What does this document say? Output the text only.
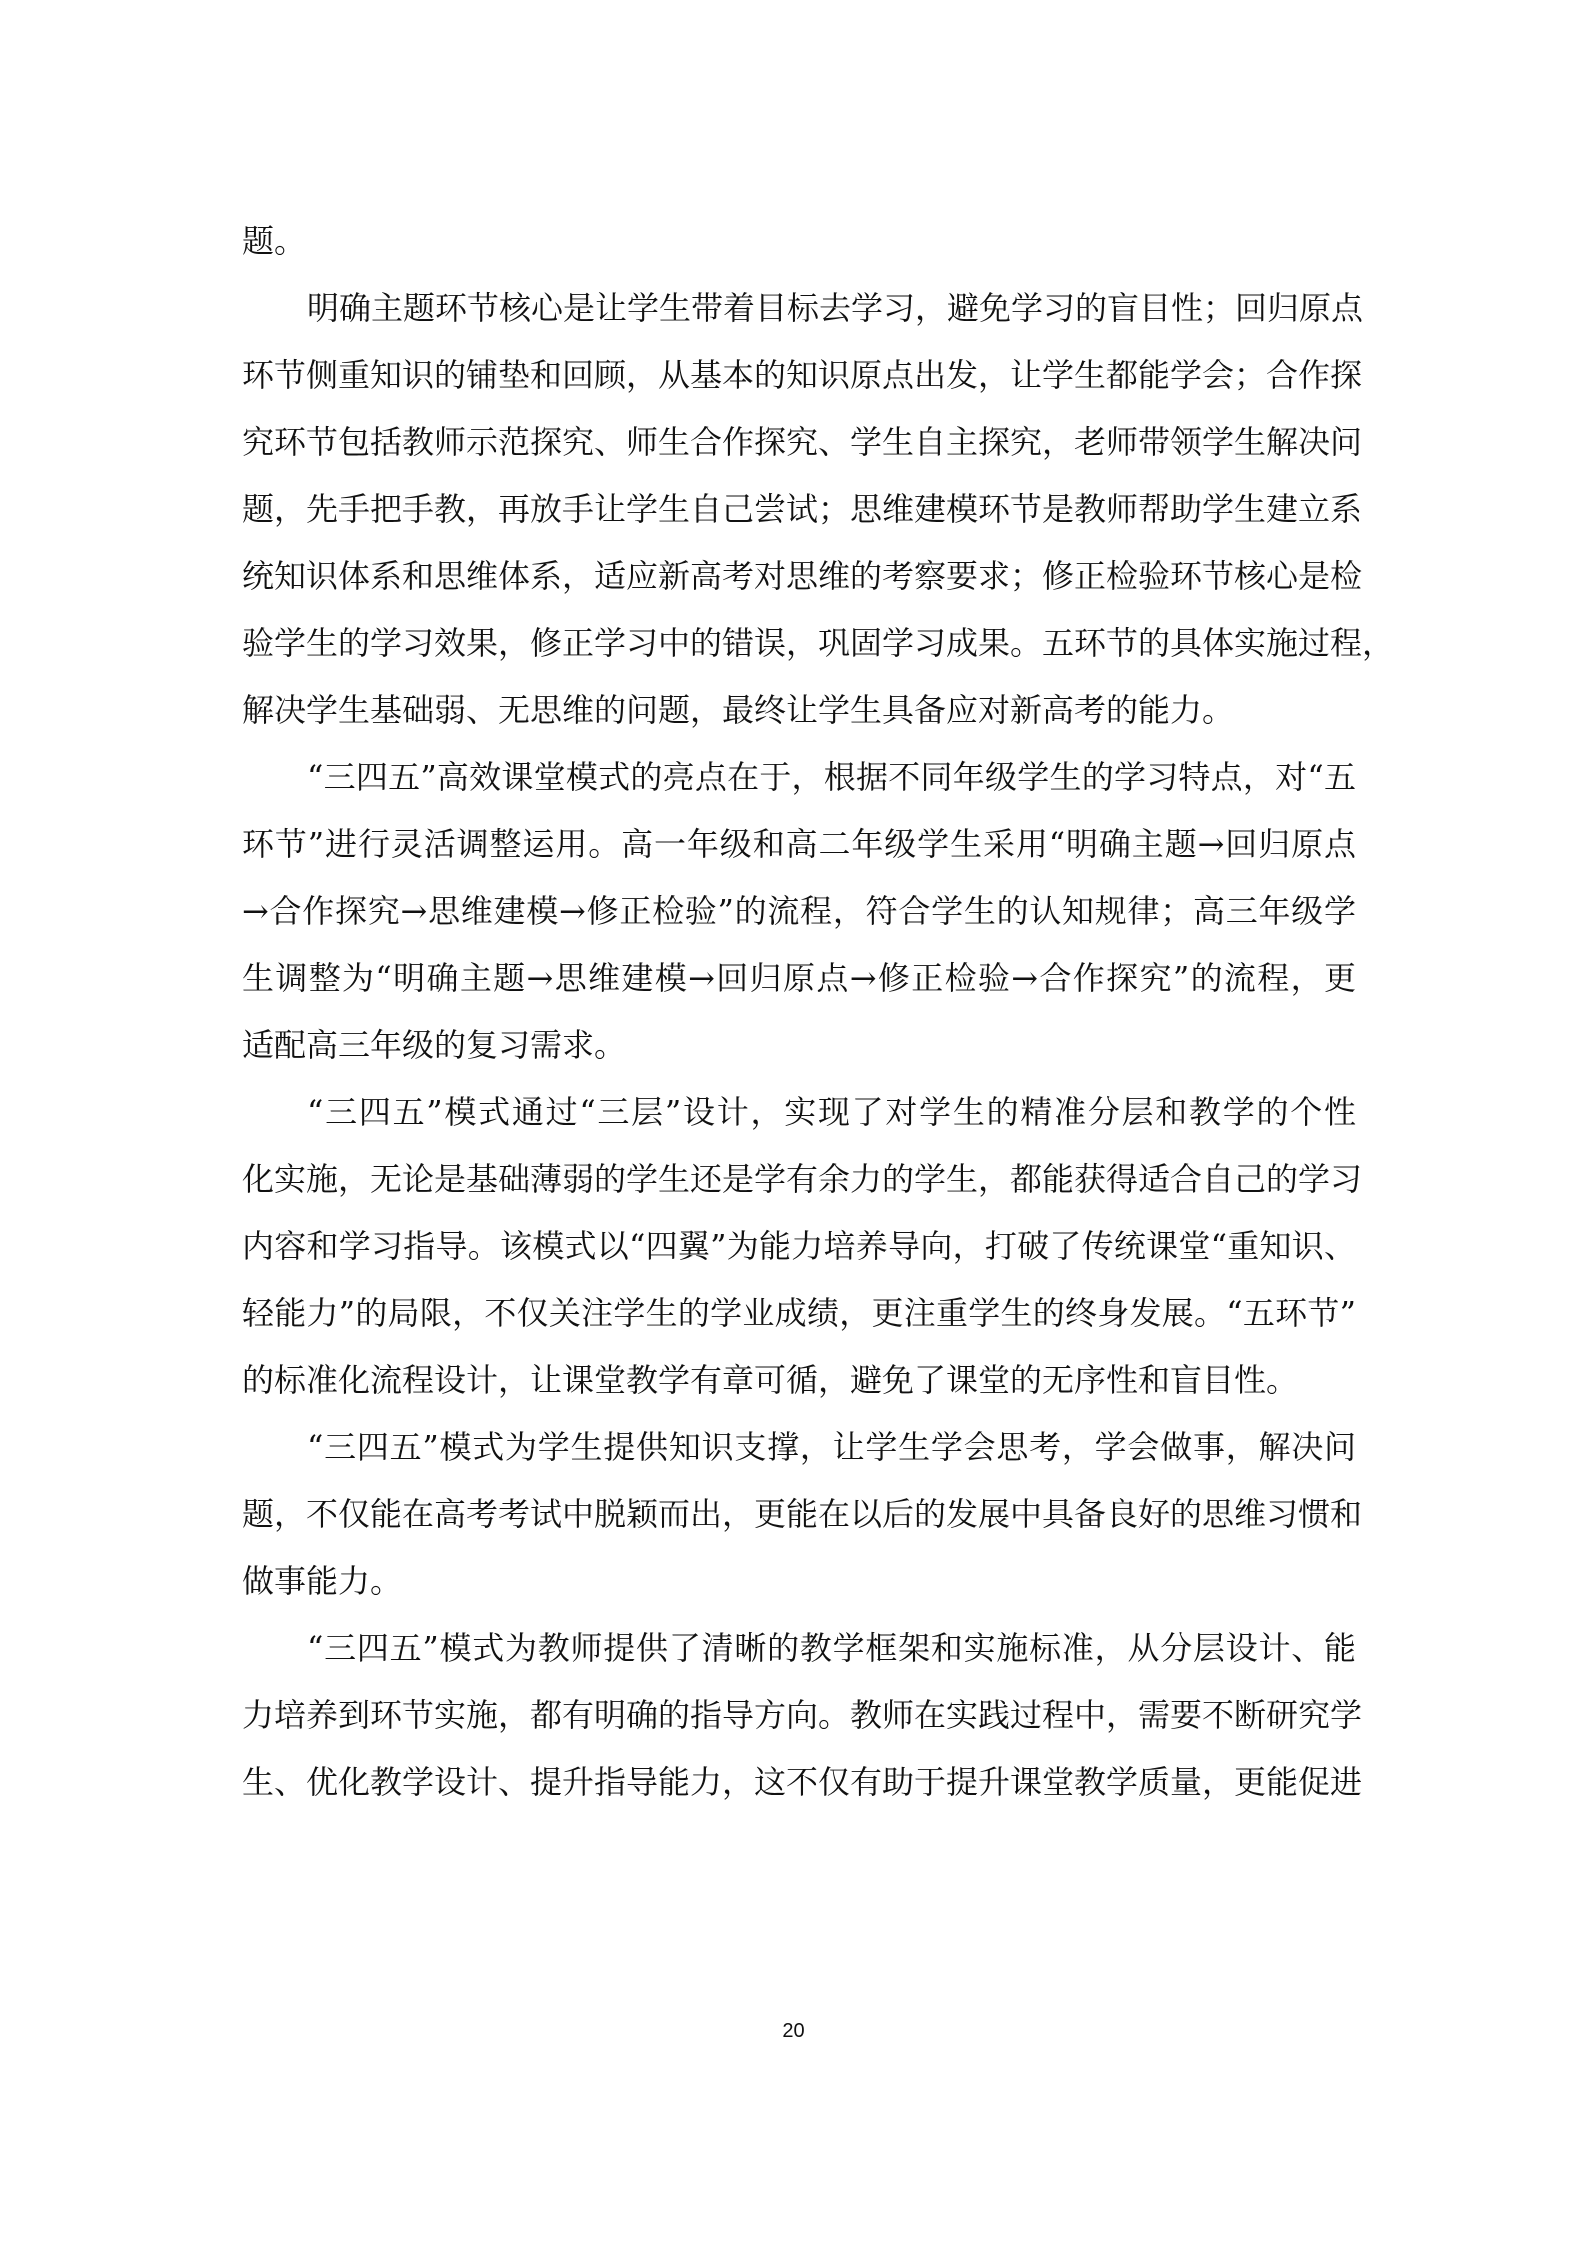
题。
明确主题环节核心是让学生带着目标去学习，避免学习的盲目性；回归原点
环节侧重知识的铺垫和回顾，从基本的知识原点出发，让学生都能学会；合作探
究环节包括教师示范探究、师生合作探究、学生自主探究，老师带领学生解决问
题，先手把手教，再放手让学生自己尝试；思维建模环节是教师帮助学生建立系
统知识体系和思维体系，适应新高考对思维的考察要求；修正检验环节核心是检
验学生的学习效果，修正学习中的错误，巩固学习成果。五环节的具体实施过程，
解决学生基础弱、无思维的问题，最终让学生具备应对新高考的能力。
“三四五”高效课堂模式的亮点在于，根据不同年级学生的学习特点，对“五
环节”进行灵活调整运用。高一年级和高二年级学生采用“明确主题→回归原点
→合作探究→思维建模→修正检验”的流程，符合学生的认知规律；高三年级学
生调整为“明确主题→思维建模→回归原点→修正检验→合作探究”的流程，更
适配高三年级的复习需求。
“三四五”模式通过“三层”设计，实现了对学生的精准分层和教学的个性
化实施，无论是基础薄弱的学生还是学有余力的学生，都能获得适合自己的学习
内容和学习指导。该模式以“四翼”为能力培养导向，打破了传统课堂“重知识、
轻能力”的局限，不仅关注学生的学业成绩，更注重学生的终身发展。“五环节”
的标准化流程设计，让课堂教学有章可循，避免了课堂的无序性和盲目性。
“三四五”模式为学生提供知识支撑，让学生学会思考，学会做事，解决问
题，不仅能在高考考试中脱颖而出，更能在以后的发展中具备良好的思维习惯和
做事能力。
“三四五”模式为教师提供了清晰的教学框架和实施标准，从分层设计、能
力培养到环节实施，都有明确的指导方向。教师在实践过程中，需要不断研究学
生、优化教学设计、提升指导能力，这不仅有助于提升课堂教学质量，更能促进
20
